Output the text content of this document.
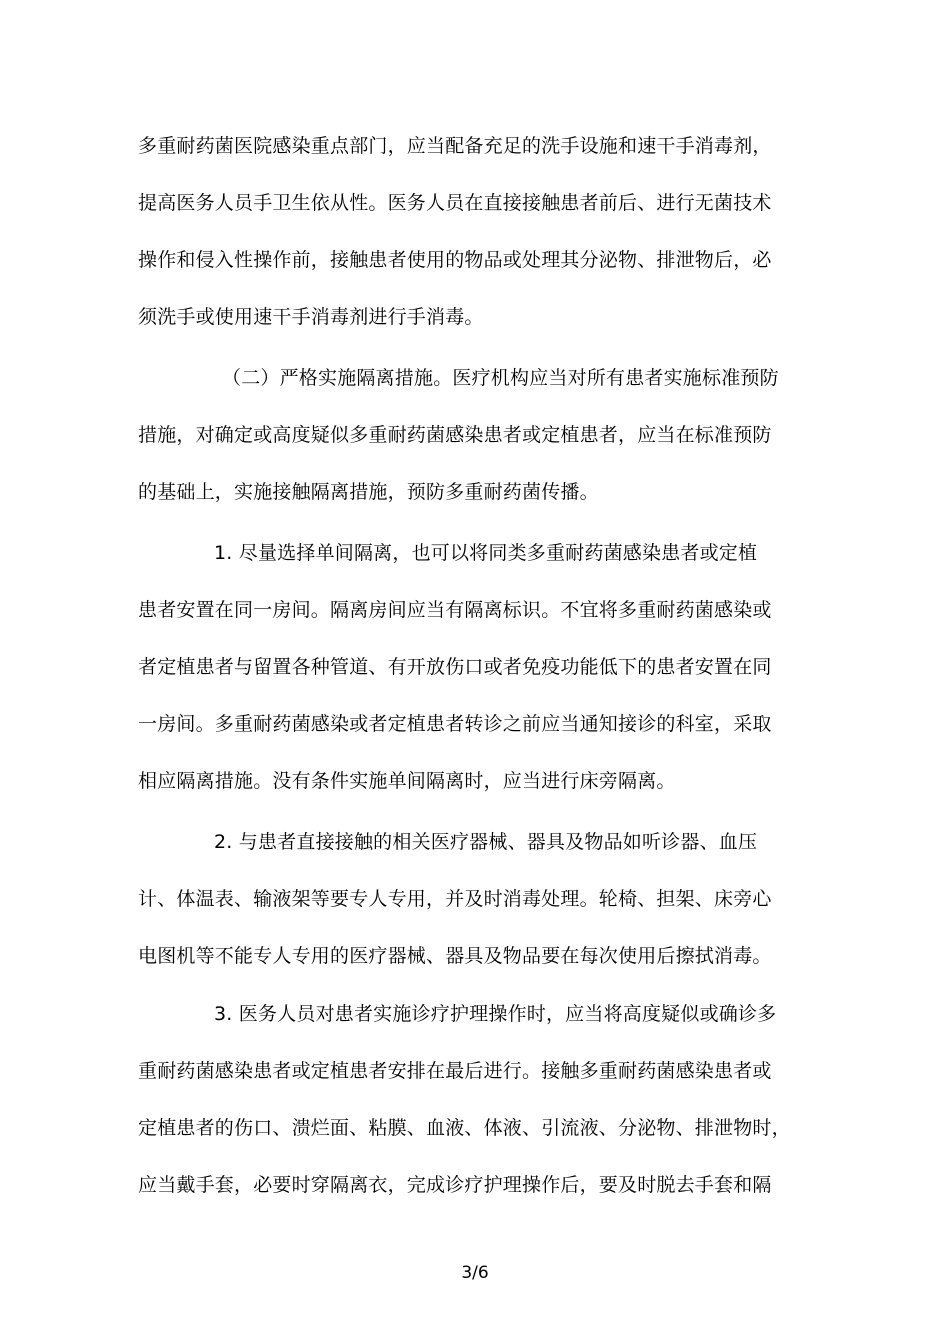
多重耐药菌医院感染重点部门，应当配备充足的洗手设施和速干手消毒剂，
提高医务人员手卫生依从性。医务人员在直接接触患者前后、进行无菌技术
操作和侵入性操作前，接触患者使用的物品或处理其分泌物、排泄物后，必
须洗手或使用速干手消毒剂进行手消毒。
（二）严格实施隔离措施。医疗机构应当对所有患者实施标准预防
措施，对确定或高度疑似多重耐药菌感染患者或定植患者，应当在标准预防
的基础上，实施接触隔离措施，预防多重耐药菌传播。
1. 尽量选择单间隔离，也可以将同类多重耐药菌感染患者或定植
患者安置在同一房间。隔离房间应当有隔离标识。不宜将多重耐药菌感染或
者定植患者与留置各种管道、有开放伤口或者免疫功能低下的患者安置在同
一房间。多重耐药菌感染或者定植患者转诊之前应当通知接诊的科室，采取
相应隔离措施。没有条件实施单间隔离时，应当进行床旁隔离。
2. 与患者直接接触的相关医疗器械、器具及物品如听诊器、血压
计、体温表、输液架等要专人专用，并及时消毒处理。轮椅、担架、床旁心
电图机等不能专人专用的医疗器械、器具及物品要在每次使用后擦拭消毒。
3. 医务人员对患者实施诊疗护理操作时，应当将高度疑似或确诊多
重耐药菌感染患者或定植患者安排在最后进行。接触多重耐药菌感染患者或
定植患者的伤口、溃烂面、粘膜、血液、体液、引流液、分泌物、排泄物时，
应当戴手套，必要时穿隔离衣，完成诊疗护理操作后，要及时脱去手套和隔
3/6
